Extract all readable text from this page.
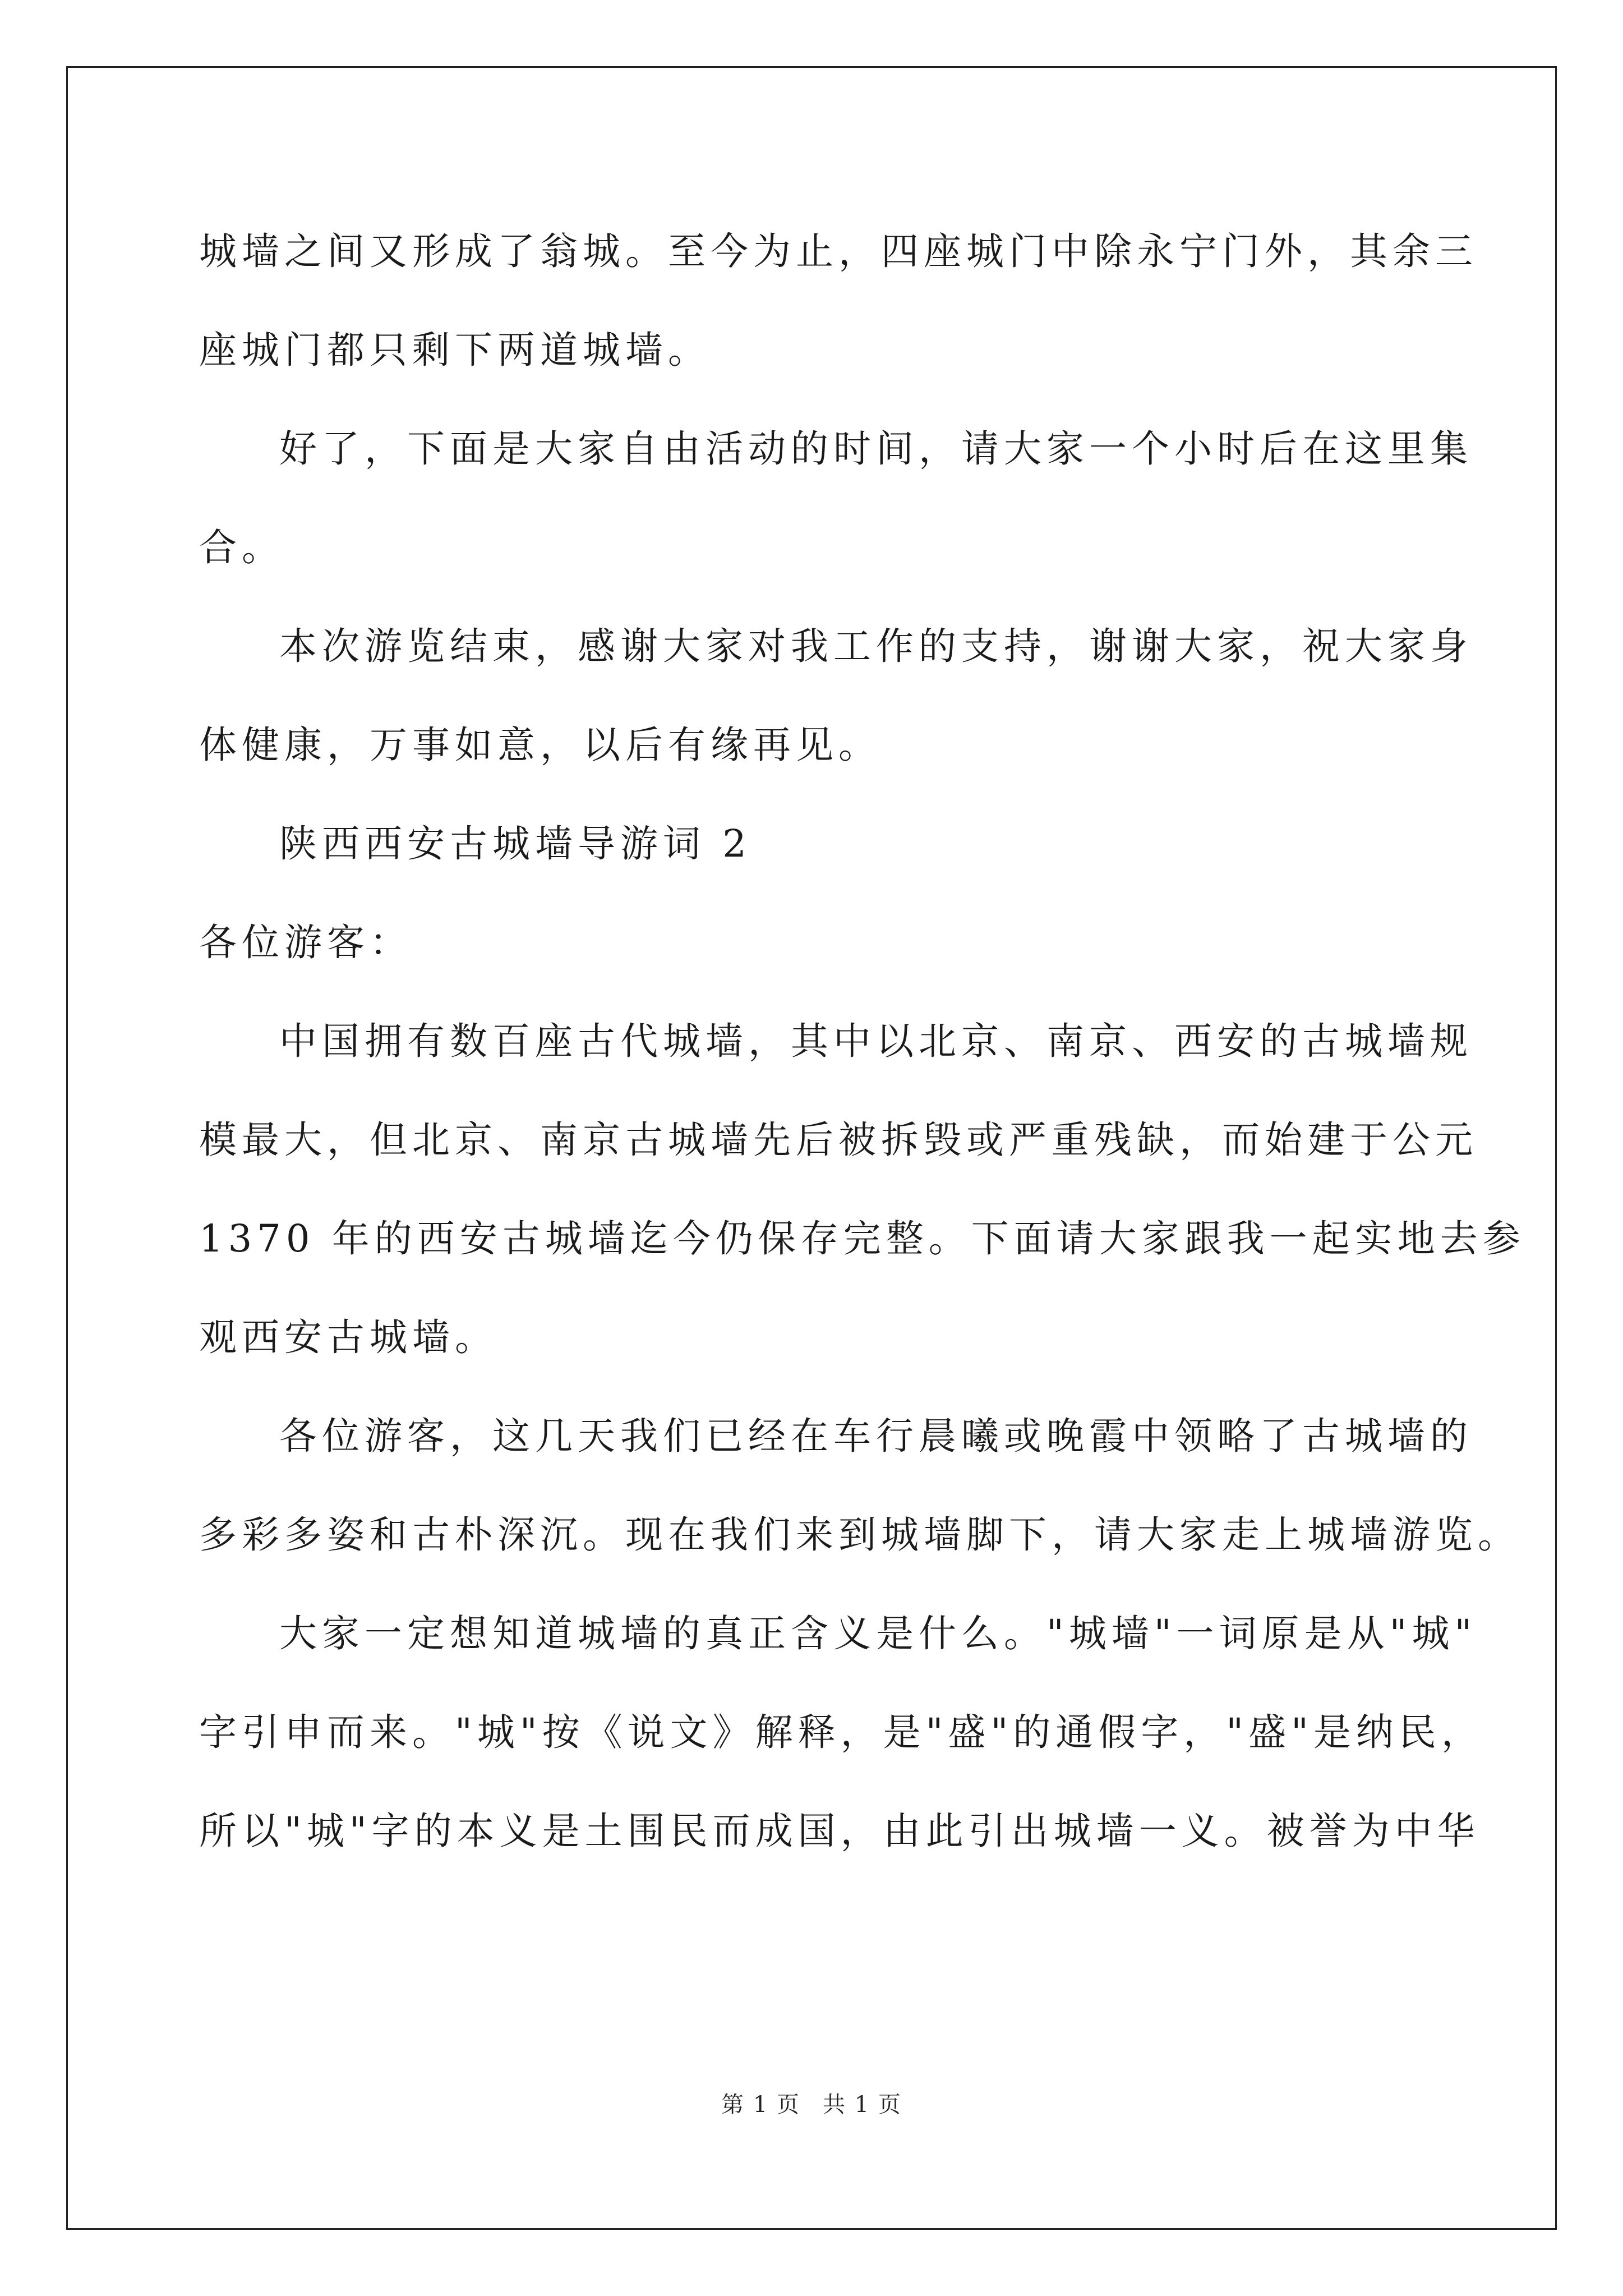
城墙之间又形成了翁城。至今为止，四座城门中除永宁门外，其余三
座城门都只剩下两道城墙。
好了，下面是大家自由活动的时间，请大家一个小时后在这里集
合。
本次游览结束，感谢大家对我工作的支持，谢谢大家，祝大家身
体健康，万事如意，以后有缘再见。
陕西西安古城墙导游词 2
各位游客：
中国拥有数百座古代城墙，其中以北京、南京、西安的古城墙规
模最大，但北京、南京古城墙先后被拆毁或严重残缺，而始建于公元
1370 年的西安古城墙迄今仍保存完整。下面请大家跟我一起实地去参
观西安古城墙。
各位游客，这几天我们已经在车行晨曦或晚霞中领略了古城墙的
多彩多姿和古朴深沉。现在我们来到城墙脚下，请大家走上城墙游览。
大家一定想知道城墙的真正含义是什么。"城墙"一词原是从"城"
字引申而来。"城"按《说文》解释，是"盛"的通假字，"盛"是纳民，
所以"城"字的本义是土围民而成国，由此引出城墙一义。被誉为中华
第 1 页 共 1 页
